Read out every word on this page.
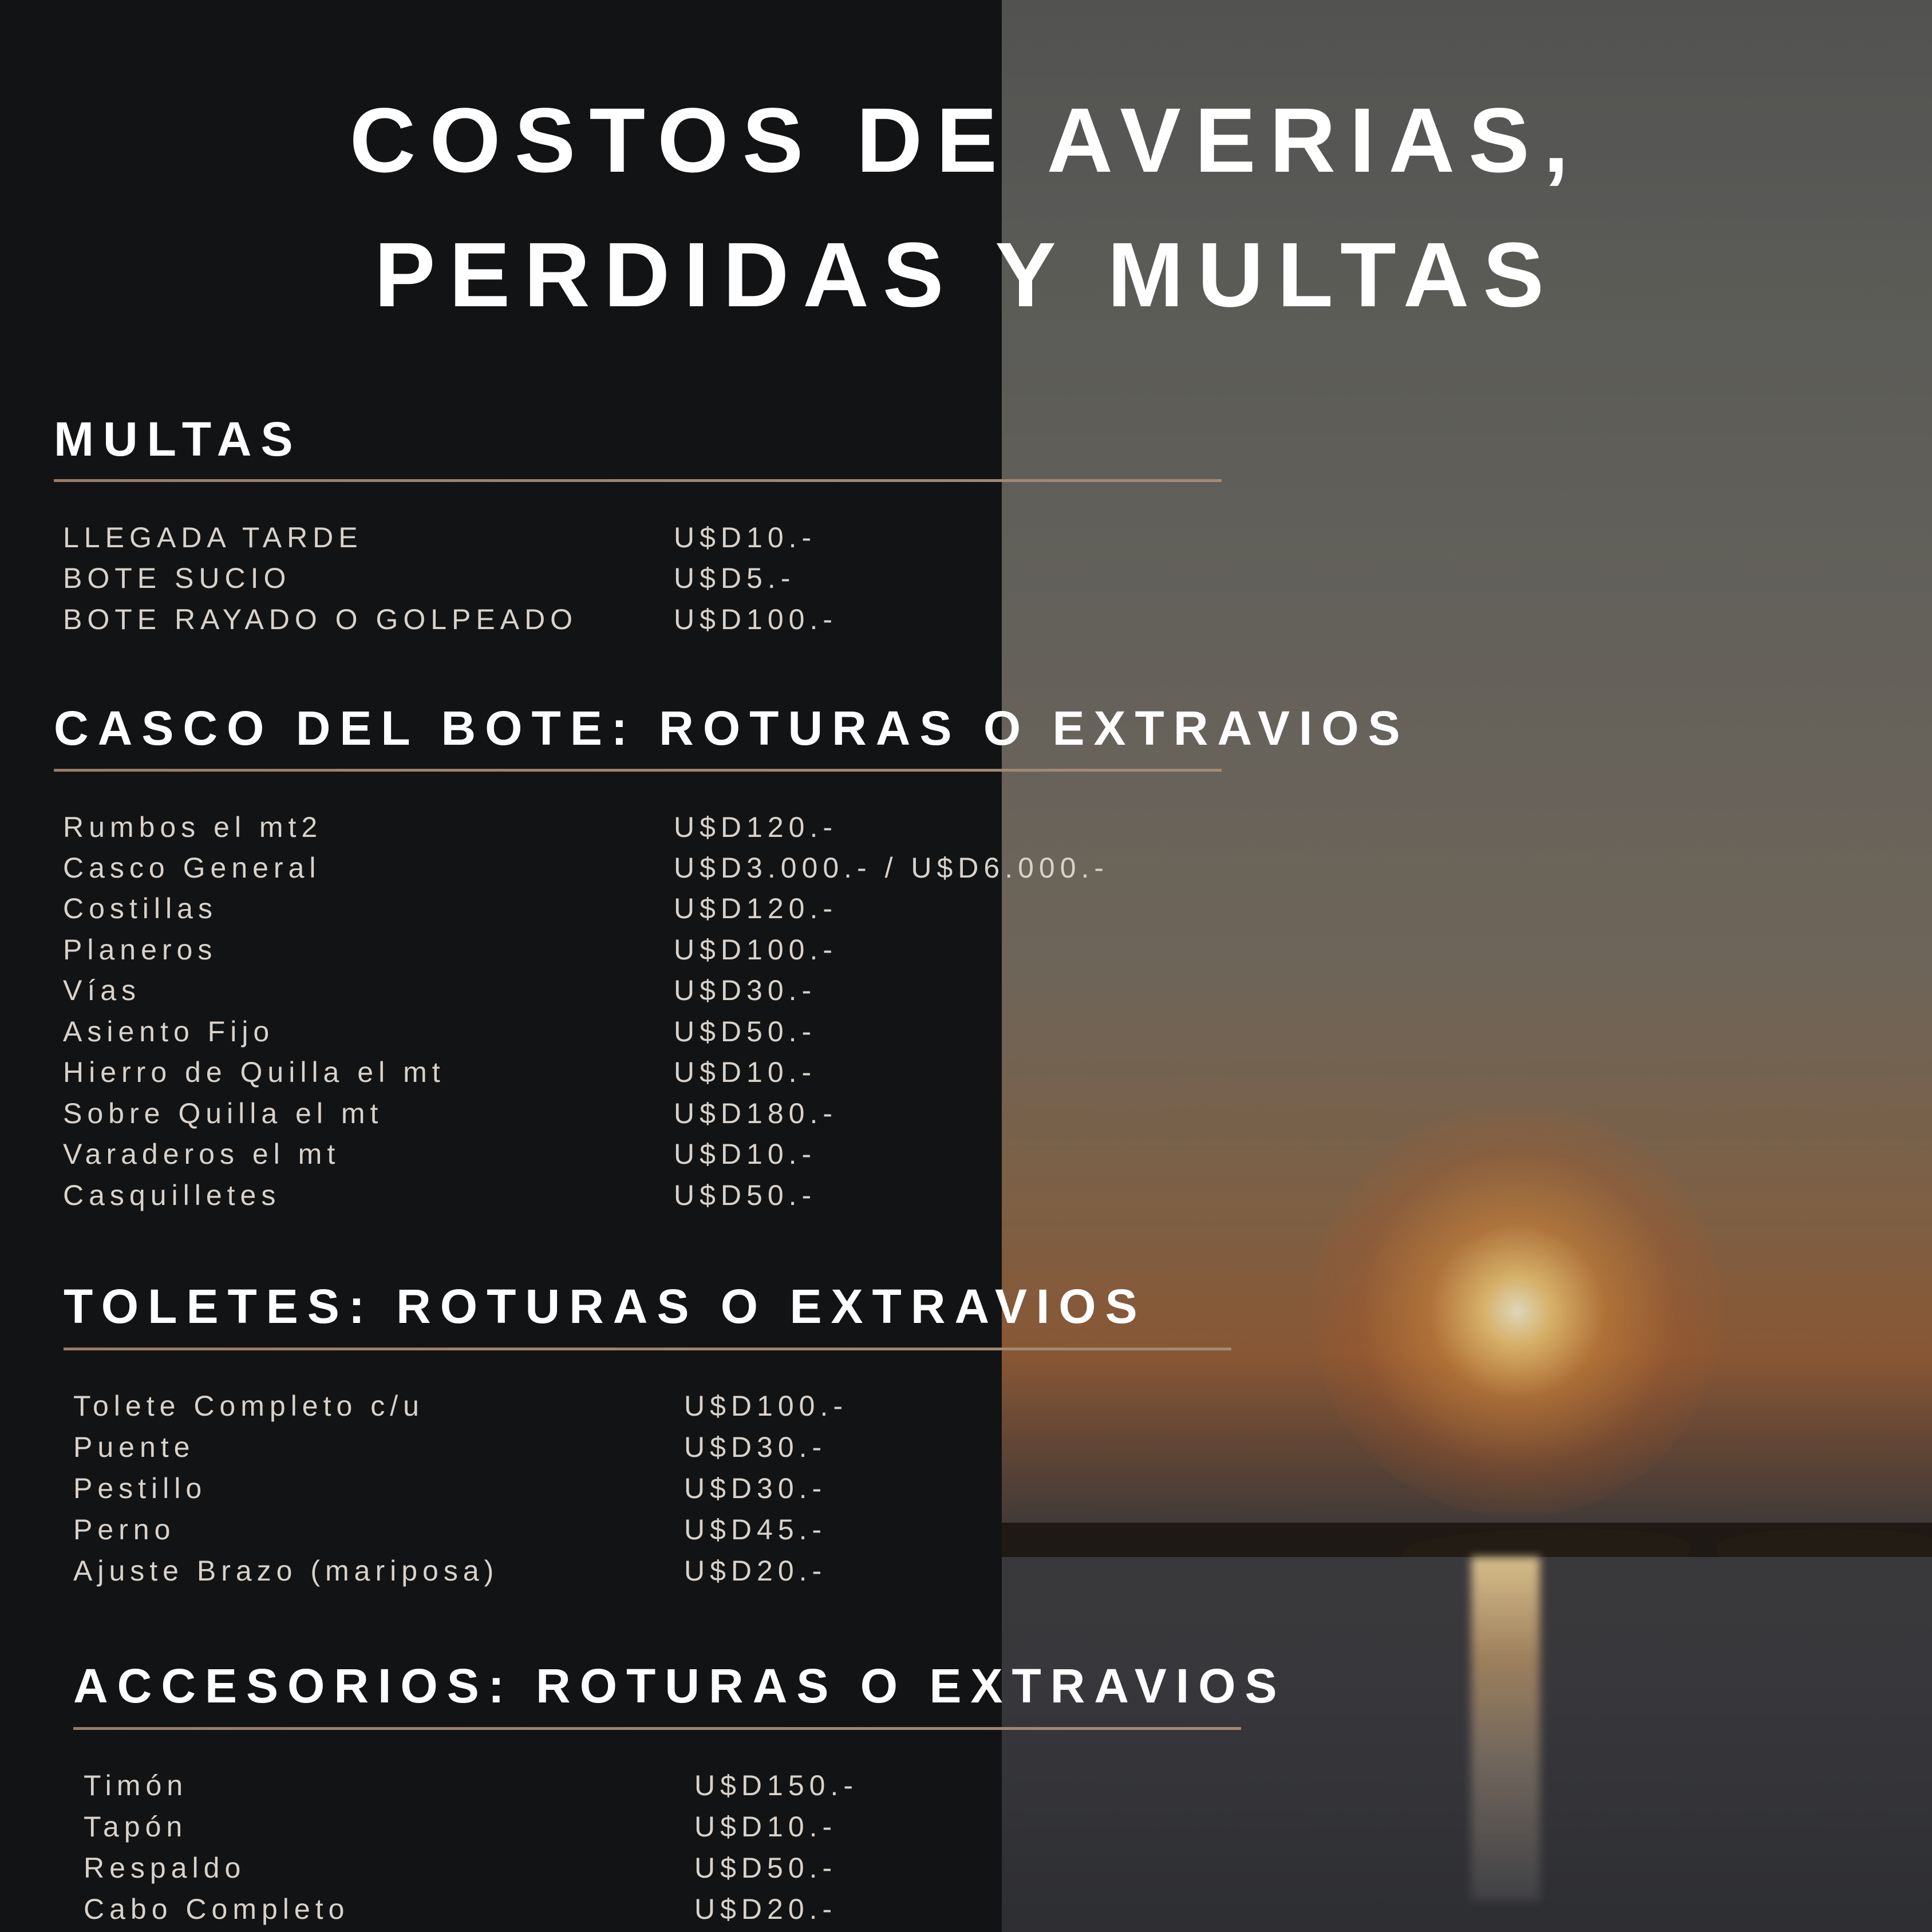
COSTOS DE AVERIAS,
PERDIDAS Y MULTAS
MULTAS
LLEGADA TARDE	U$D10.-
BOTE SUCIO	U$D5.-
BOTE RAYADO O GOLPEADO	U$D100.-
CASCO DEL BOTE: ROTURAS O EXTRAVIOS
Rumbos el mt2	U$D120.-
Casco General	U$D3.000.- / U$D6.000.-
Costillas	U$D120.-
Planeros	U$D100.-
Vías	U$D30.-
Asiento Fijo	U$D50.-
Hierro de Quilla el mt	U$D10.-
Sobre Quilla el mt	U$D180.-
Varaderos el mt	U$D10.-
Casquilletes	U$D50.-
TOLETES: ROTURAS O EXTRAVIOS
Tolete Completo c/u	U$D100.-
Puente	U$D30.-
Pestillo	U$D30.-
Perno	U$D45.-
Ajuste Brazo (mariposa)	U$D20.-
ACCESORIOS: ROTURAS O EXTRAVIOS
Timón	U$D150.-
Tapón	U$D10.-
Respaldo	U$D50.-
Cabo Completo	U$D20.-
